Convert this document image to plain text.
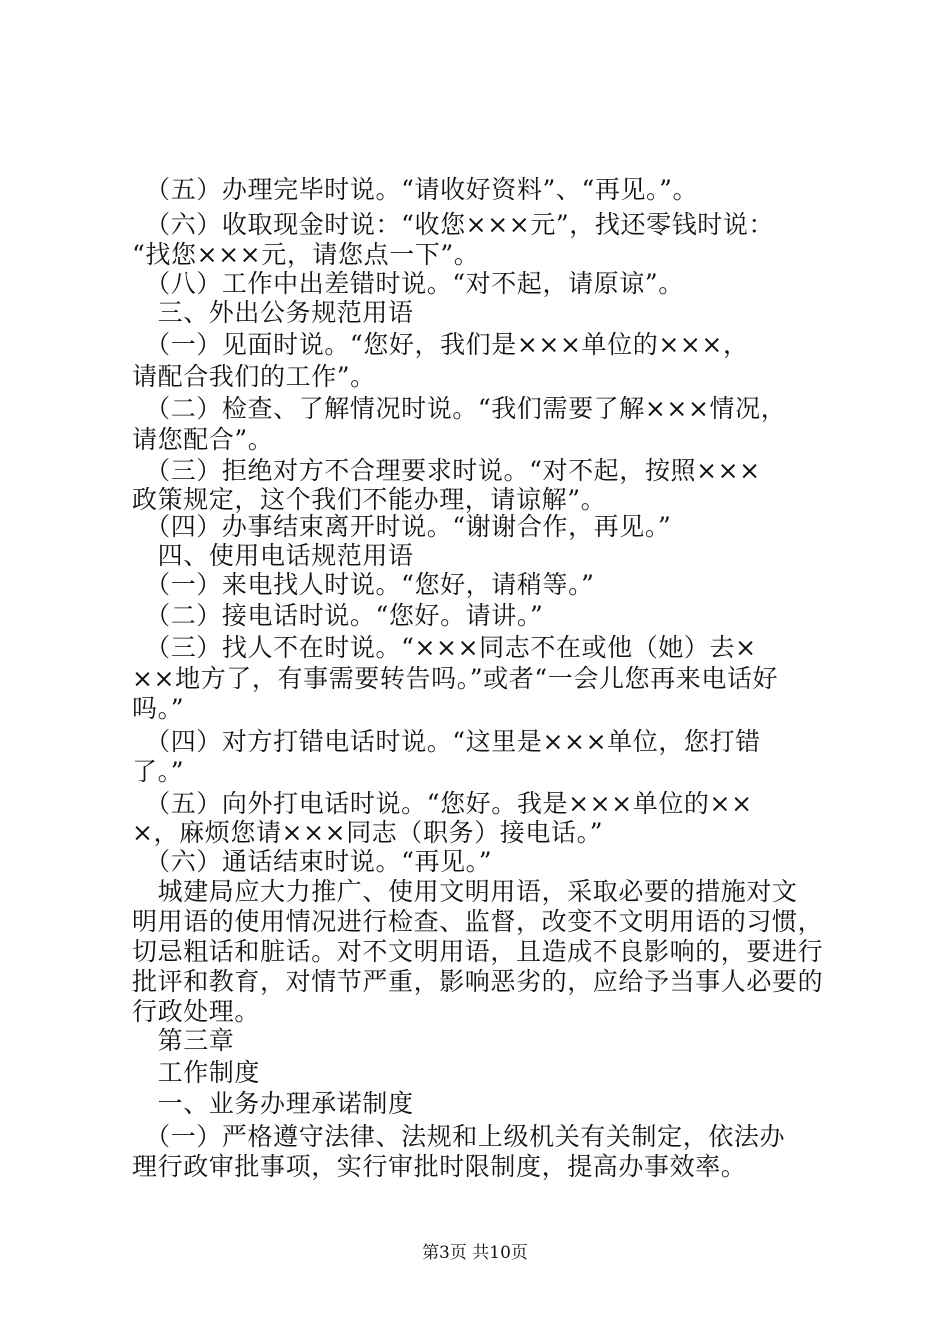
　（五）办理完毕时说。“请收好资料”、“再见。”。
　（六）收取现金时说：“收您×××元”，找还零钱时说：
“找您×××元，请您点一下”。
　（八）工作中出差错时说。“对不起，请原谅”。
　三、外出公务规范用语
　（一）见面时说。“您好，我们是×××单位的×××，
请配合我们的工作”。
　（二）检查、了解情况时说。“我们需要了解×××情况，
请您配合”。
　（三）拒绝对方不合理要求时说。“对不起，按照×××
政策规定，这个我们不能办理，请谅解”。
　（四）办事结束离开时说。“谢谢合作，再见。”
　四、使用电话规范用语
　（一）来电找人时说。“您好，请稍等。”
　（二）接电话时说。“您好。请讲。”
　（三）找人不在时说。“×××同志不在或他（她）去×
××地方了，有事需要转告吗。”或者“一会儿您再来电话好
吗。”
　（四）对方打错电话时说。“这里是×××单位，您打错
了。”
　（五）向外打电话时说。“您好。我是×××单位的××
×，麻烦您请×××同志（职务）接电话。”
　（六）通话结束时说。“再见。”
　城建局应大力推广、使用文明用语，采取必要的措施对文
明用语的使用情况进行检查、监督，改变不文明用语的习惯，
切忌粗话和脏话。对不文明用语，且造成不良影响的，要进行
批评和教育，对情节严重，影响恶劣的，应给予当事人必要的
行政处理。
　第三章
　工作制度
　一、业务办理承诺制度
　（一）严格遵守法律、法规和上级机关有关制定，依法办
理行政审批事项，实行审批时限制度，提高办事效率。
第3页 共10页
